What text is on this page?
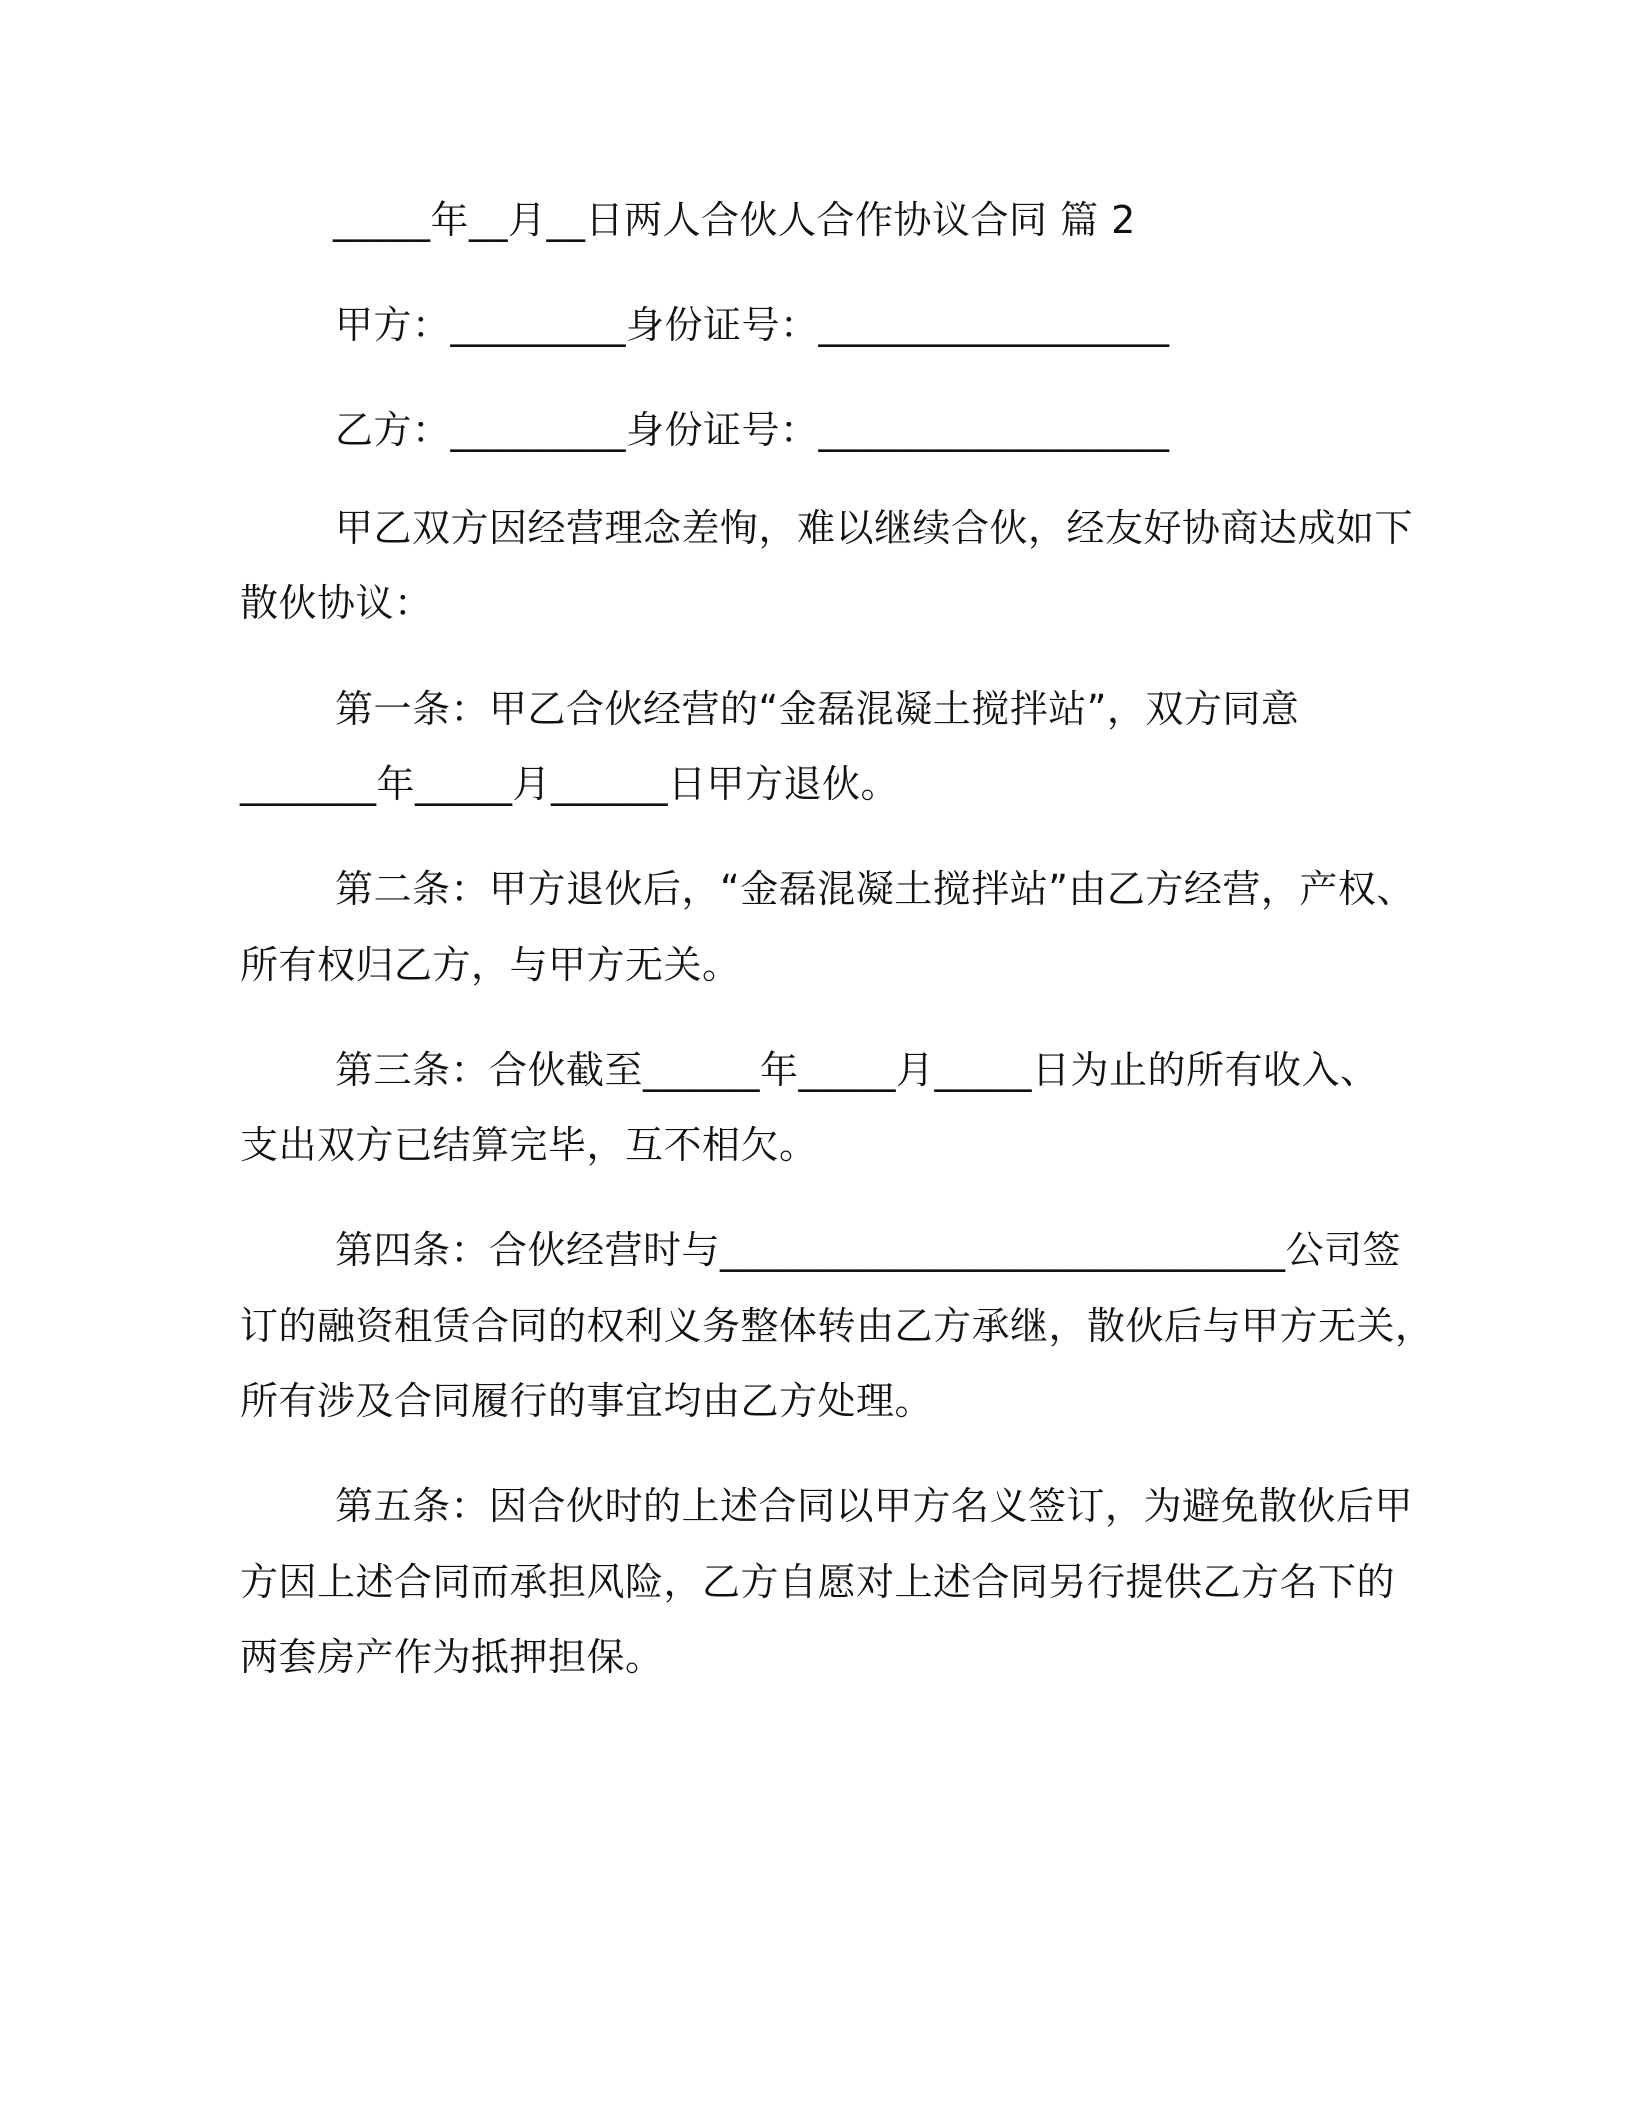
_____年__月__日两人合伙人合作协议合同 篇 2
甲方：_________身份证号：__________________
乙方：_________身份证号：__________________
甲乙双方因经营理念差恂，难以继续合伙，经友好协商达成如下
散伙协议：
第一条：甲乙合伙经营的“金磊混凝土搅拌站”，双方同意
_______年_____月______日甲方退伙。
第二条：甲方退伙后，“金磊混凝土搅拌站”由乙方经营，产权、
所有权归乙方，与甲方无关。
第三条：合伙截至______年_____月_____日为止的所有收入、
支出双方已结算完毕，互不相欠。
第四条：合伙经营时与_____________________________公司签
订的融资租赁合同的权利义务整体转由乙方承继，散伙后与甲方无关，
所有涉及合同履行的事宜均由乙方处理。
第五条：因合伙时的上述合同以甲方名义签订，为避免散伙后甲
方因上述合同而承担风险，乙方自愿对上述合同另行提供乙方名下的
两套房产作为抵押担保。
